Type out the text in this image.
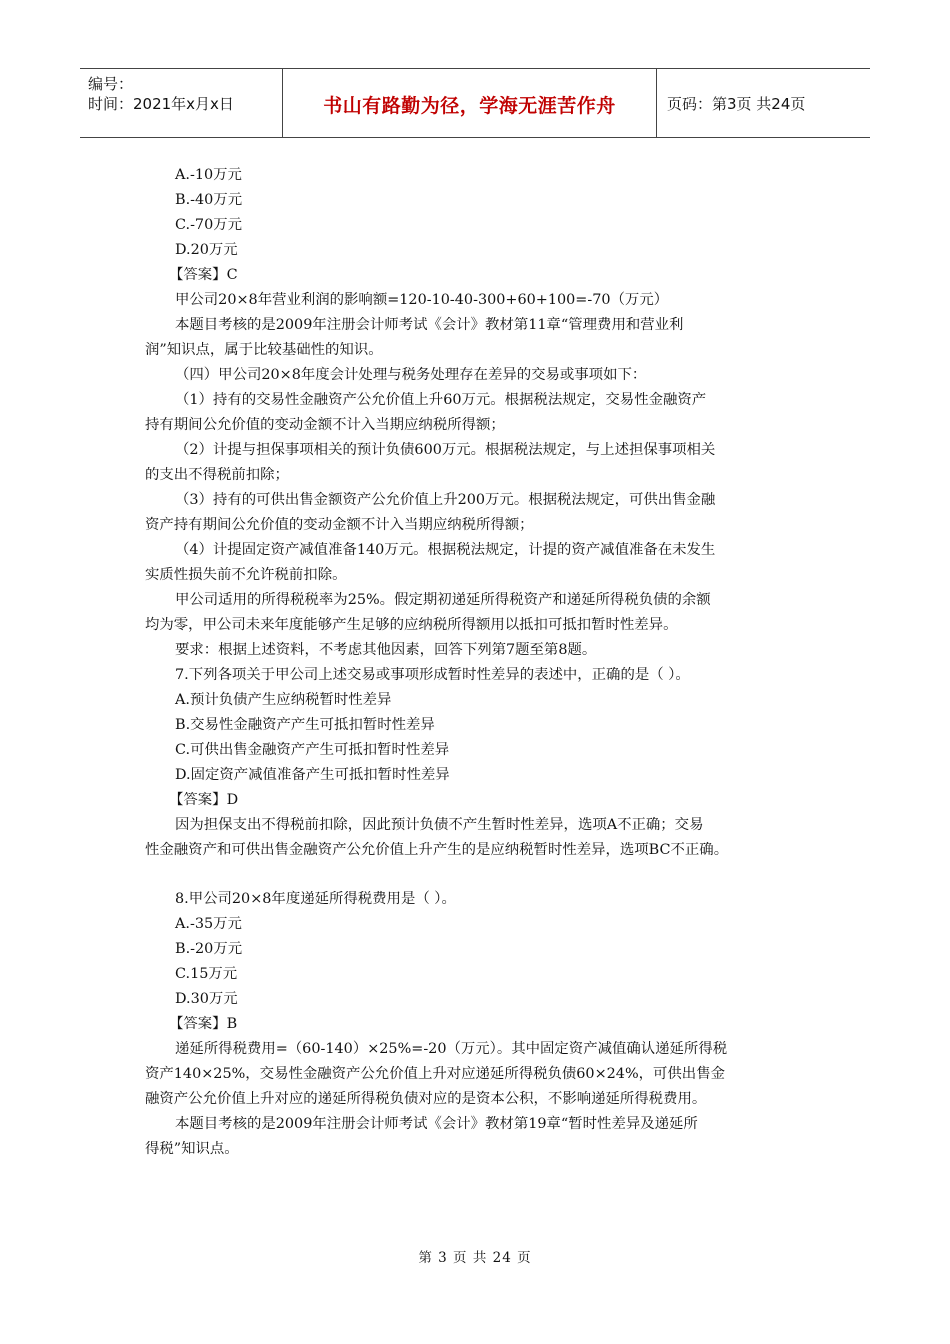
编号：
时间：2021年x月x日	书山有路勤为径，学海无涯苦作舟	页码：第3页 共24页

A.-10万元

B.-40万元

C.-70万元

D.20万元

【答案】C

甲公司20×8年营业利润的影响额=120-10-40-300+60+100=-70（万元）

本题目考核的是2009年注册会计师考试《会计》教材第11章“管理费用和营业利

润”知识点，属于比较基础性的知识。

（四）甲公司20×8年度会计处理与税务处理存在差异的交易或事项如下：

（1）持有的交易性金融资产公允价值上升60万元。根据税法规定，交易性金融资产

持有期间公允价值的变动金额不计入当期应纳税所得额；

（2）计提与担保事项相关的预计负债600万元。根据税法规定，与上述担保事项相关

的支出不得税前扣除；

（3）持有的可供出售金额资产公允价值上升200万元。根据税法规定，可供出售金融

资产持有期间公允价值的变动金额不计入当期应纳税所得额；

（4）计提固定资产减值准备140万元。根据税法规定，计提的资产减值准备在未发生

实质性损失前不允许税前扣除。

甲公司适用的所得税税率为25%。假定期初递延所得税资产和递延所得税负债的余额

均为零，甲公司未来年度能够产生足够的应纳税所得额用以抵扣可抵扣暂时性差异。

要求：根据上述资料，不考虑其他因素，回答下列第7题至第8题。

7.下列各项关于甲公司上述交易或事项形成暂时性差异的表述中，正确的是（ ）。

A.预计负债产生应纳税暂时性差异

B.交易性金融资产产生可抵扣暂时性差异

C.可供出售金融资产产生可抵扣暂时性差异

D.固定资产减值准备产生可抵扣暂时性差异

【答案】D

因为担保支出不得税前扣除，因此预计负债不产生暂时性差异，选项A不正确；交易

性金融资产和可供出售金融资产公允价值上升产生的是应纳税暂时性差异，选项BC不正确。

8.甲公司20×8年度递延所得税费用是（ ）。

A.-35万元

B.-20万元

C.15万元

D.30万元

【答案】B

递延所得税费用=（60-140）×25%=-20（万元）。其中固定资产减值确认递延所得税

资产140×25%，交易性金融资产公允价值上升对应递延所得税负债60×24%，可供出售金

融资产公允价值上升对应的递延所得税负债对应的是资本公积，不影响递延所得税费用。

本题目考核的是2009年注册会计师考试《会计》教材第19章“暂时性差异及递延所

得税”知识点。

第 3 页 共 24 页
